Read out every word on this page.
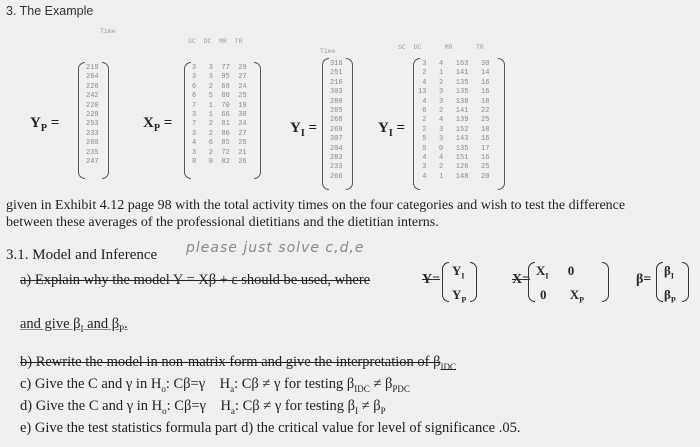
3. The Example
Time
SC  DC  MR  TR
Time
SC  DC      MR      TR
$Y_P$ =
219
264
226
242
220
229
253
233
260
235
247
$X_P$ =
3   3  77  29
3   3  95  27
6   2  68  24
6   5  80  25
7   1  70  19
3   1  66  30
7   2  81  24
3   2  86  27
4   6  85  25
3   2  72  21
8   0  82  26
$Y_I$ =
316
251
216
303
280
285
268
269
307
204
283
233
266
$Y_I$ =
3   4   163   30
2   1   141   14
4   2   135   16
13   3   135   16
4   3   138   18
6   2   141   22
2   4   139   25
2   3   152   18
5   3   143   16
5   0   135   17
4   4   151   16
3   2   126   25
4   1   148   20
given in Exhibit 4.12 page 98 with the total activity times on the four categories and wish to test the difference
between these averages of the professional dietitians and the dietitian interns.
3.1. Model and Inference please just solve c,d,e
a) Explain why the model Y = Xβ + ε should be used, where	Y=
$Y_I$
$Y_P$
X=
$X_I$ 0
0 $X_P$
β=
$\beta_I$
$\beta_P$
and give $\beta_I$ and $\beta_P$.
b) Rewrite the model in non-matrix form and give the interpretation of $\beta_{IDC}$
c) Give the C and γ in $H_o$: Cβ=γ $H_a$: Cβ ≠ γ for testing $\beta_{IDC} \ne \beta_{PDC}$
d) Give the C and γ in $H_o$: Cβ=γ $H_a$: Cβ ≠ γ for testing $\beta_I \ne \beta_P$
e) Give the test statistics formula part d) the critical value for level of significance .05.
